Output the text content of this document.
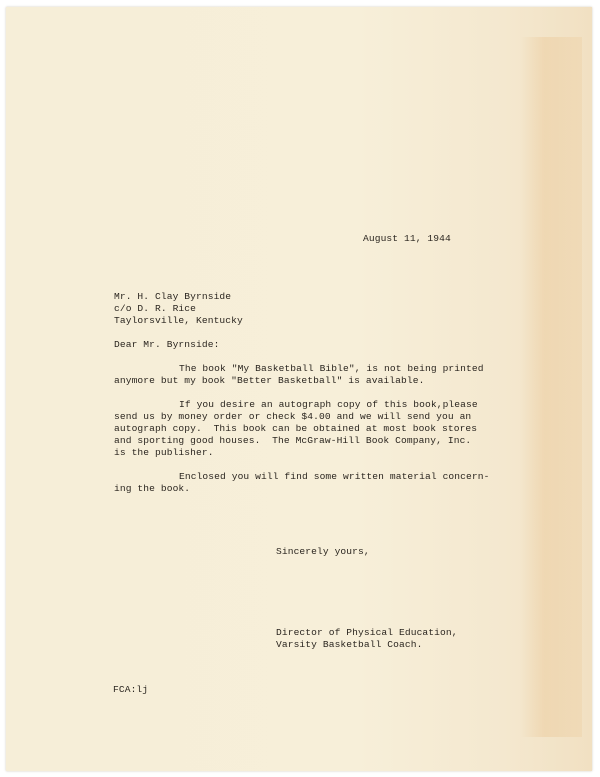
August 11, 1944

Mr. H. Clay Byrnside

c/o D. R. Rice

Taylorsville, Kentucky

Dear Mr. Byrnside:

The book "My Basketball Bible", is not being printed

anymore but my book "Better Basketball" is available.

If you desire an autograph copy of this book,please

send us by money order or check $4.00 and we will send you an

autograph copy.  This book can be obtained at most book stores

and sporting good houses.  The McGraw-Hill Book Company, Inc.

is the publisher.

Enclosed you will find some written material concern-

ing the book.

Sincerely yours,

Director of Physical Education,

Varsity Basketball Coach.

FCA:lj
